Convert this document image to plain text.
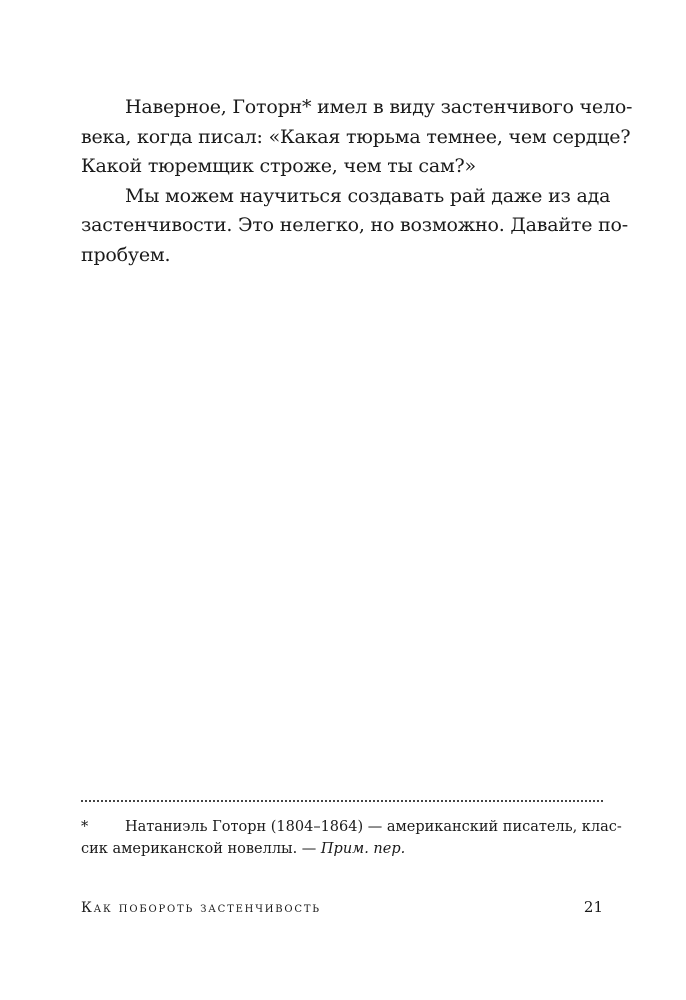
Наверное, Готорн* имел в виду застенчивого чело-
века, когда писал: «Какая тюрьма темнее, чем сердце?
Какой тюремщик строже, чем ты сам?»

Мы можем научиться создавать рай даже из ада
застенчивости. Это нелегко, но возможно. Давайте по-
пробуем.

*	Натаниэль Готорн (1804–1864) — американский писатель, клас-
сик американской новеллы. — Прим. пер.
Как побороть застенчивость	21
